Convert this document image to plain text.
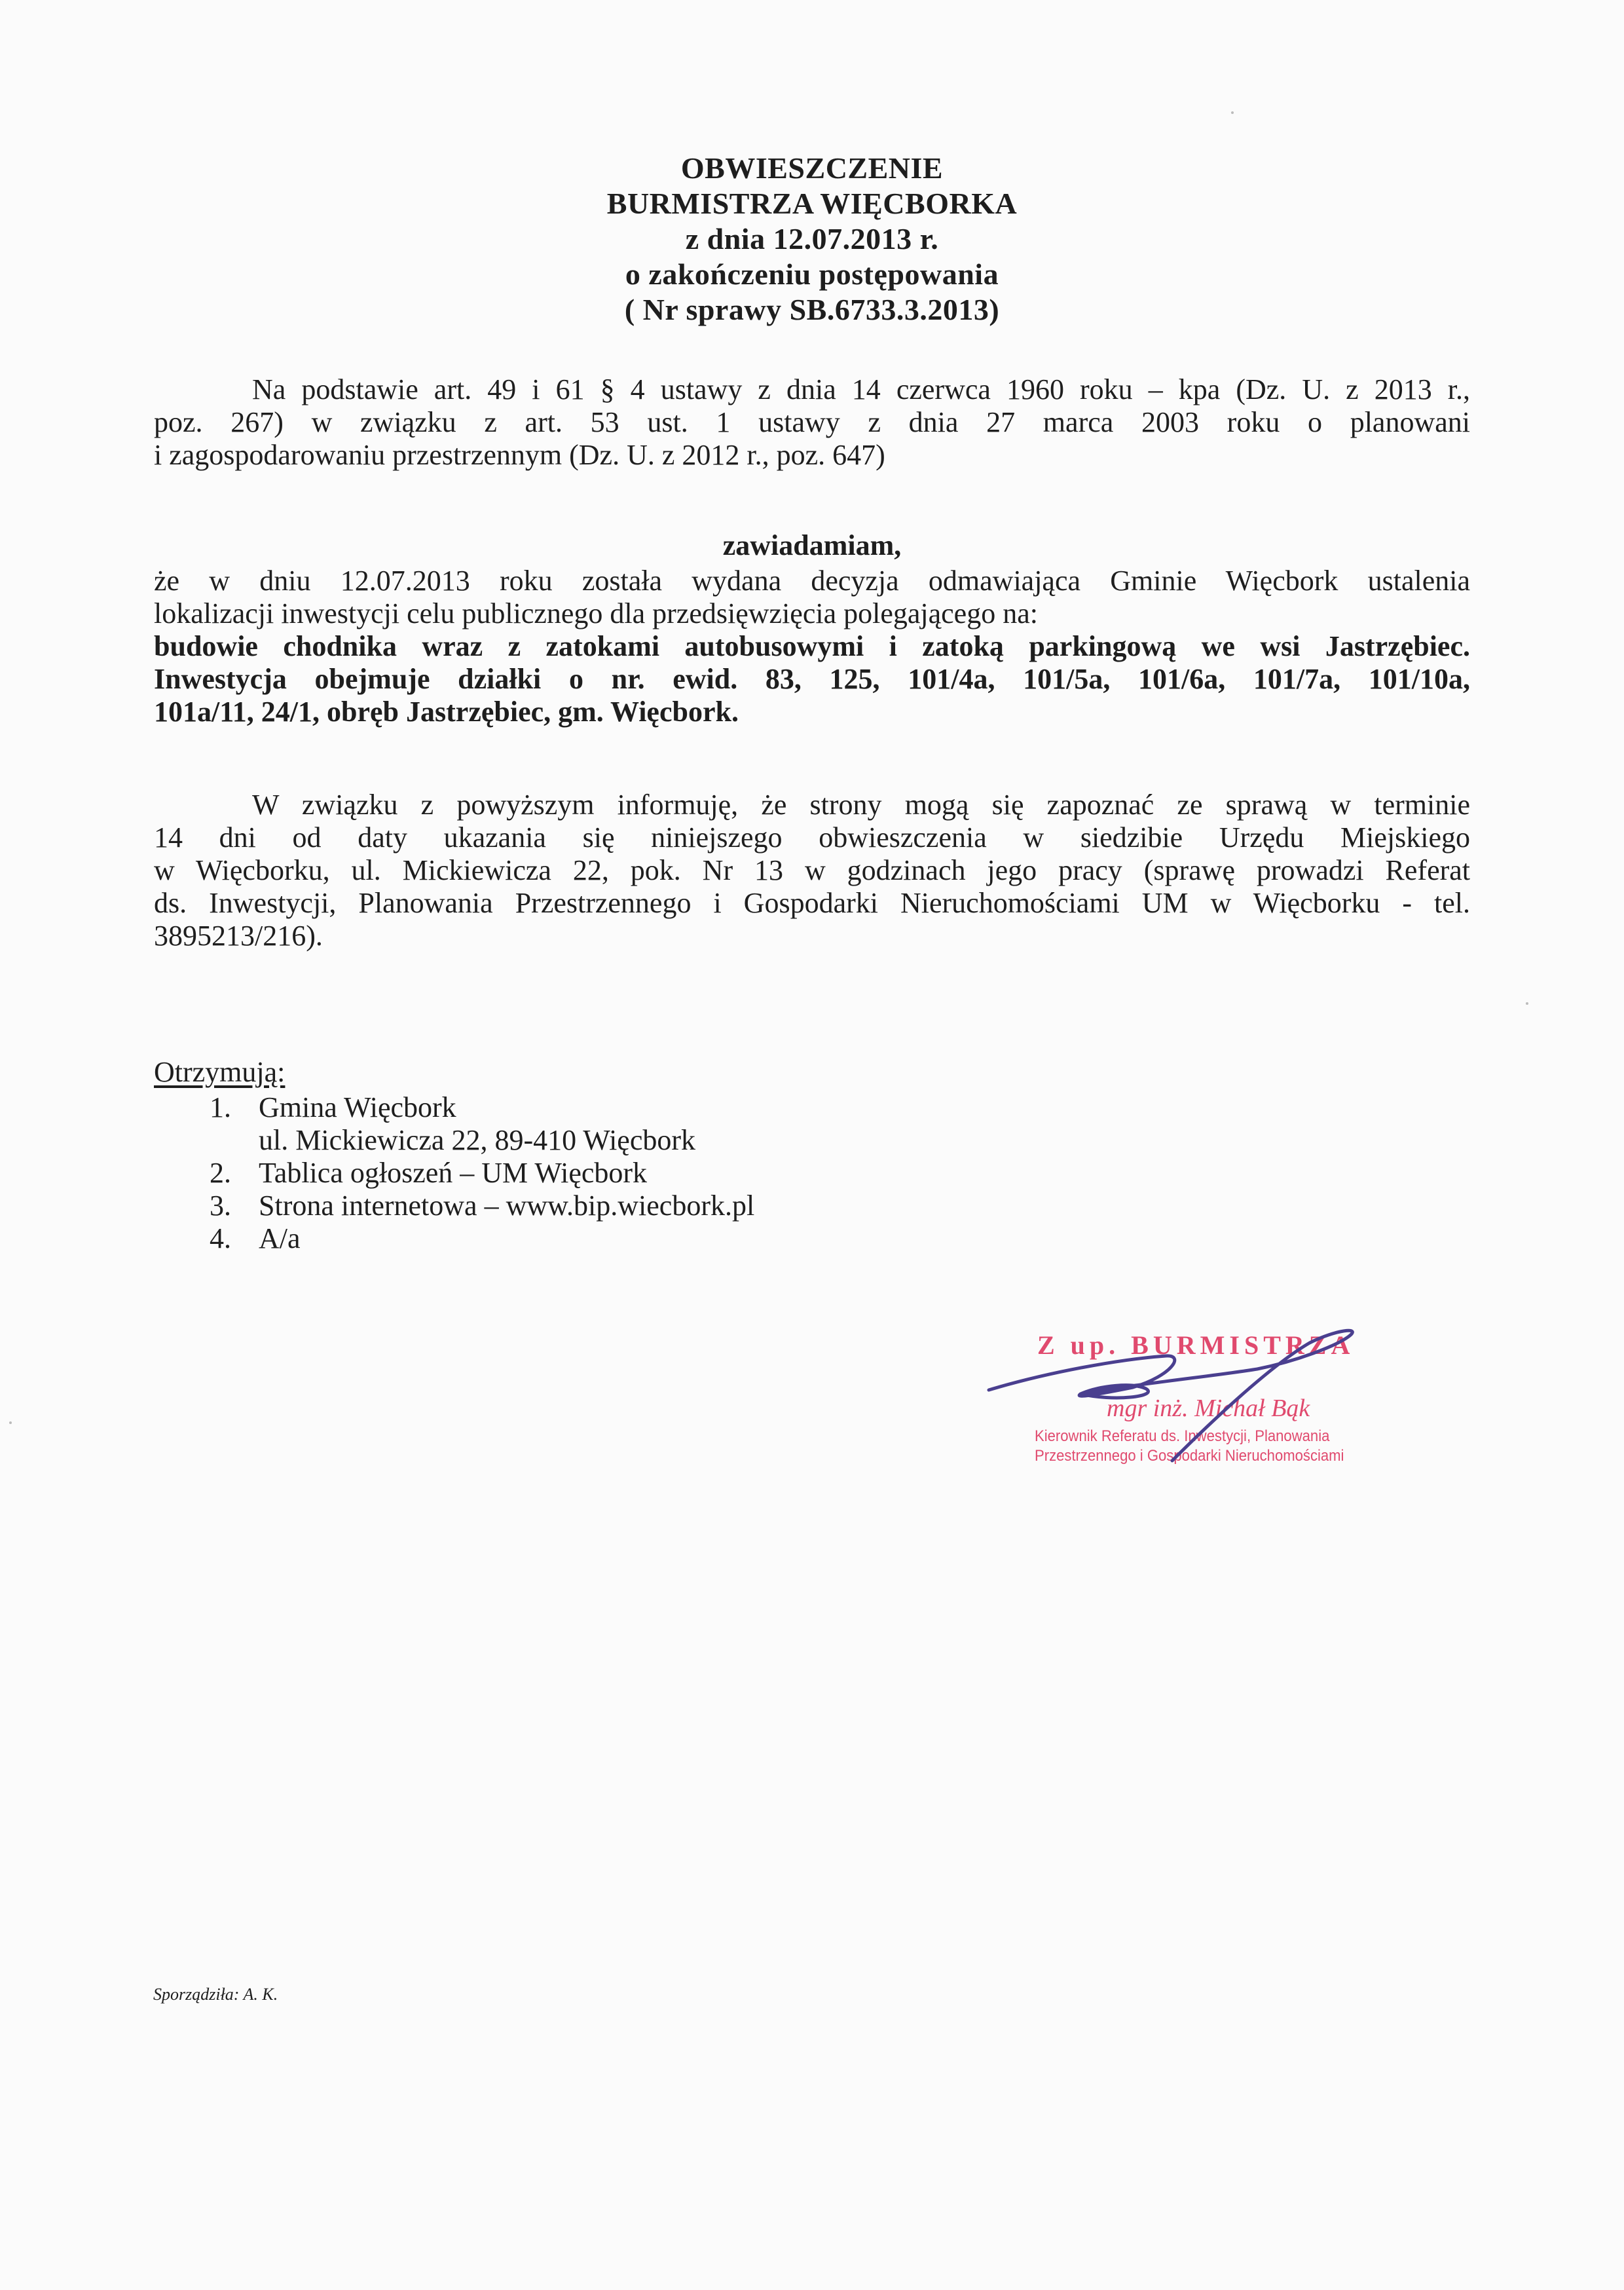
OBWIESZCZENIE
BURMISTRZA WIĘCBORKA
z dnia 12.07.2013 r.
o zakończeniu postępowania
( Nr sprawy SB.6733.3.2013)
Na podstawie art. 49 i 61 § 4 ustawy z dnia 14 czerwca 1960 roku – kpa (Dz. U. z 2013 r.,
poz. 267) w związku z art. 53 ust. 1 ustawy z dnia 27 marca 2003 roku o planowani
i zagospodarowaniu przestrzennym (Dz. U. z 2012 r., poz. 647)
zawiadamiam,
że w dniu 12.07.2013 roku została wydana decyzja odmawiająca Gminie Więcbork ustalenia
lokalizacji inwestycji celu publicznego dla przedsięwzięcia polegającego na:
budowie chodnika wraz z zatokami autobusowymi i zatoką parkingową we wsi Jastrzębiec.
Inwestycja obejmuje działki o nr. ewid. 83, 125, 101/4a, 101/5a, 101/6a, 101/7a, 101/10a,
101a/11, 24/1, obręb Jastrzębiec, gm. Więcbork.
W związku z powyższym informuję, że strony mogą się zapoznać ze sprawą w terminie
14 dni od daty ukazania się niniejszego obwieszczenia w siedzibie Urzędu Miejskiego
w Więcborku, ul. Mickiewicza 22, pok. Nr 13 w godzinach jego pracy (sprawę prowadzi Referat
ds. Inwestycji, Planowania Przestrzennego i Gospodarki Nieruchomościami UM w Więcborku - tel.
3895213/216).
Otrzymują:
1. Gmina Więcbork
ul. Mickiewicza 22, 89-410 Więcbork
2. Tablica ogłoszeń – UM Więcbork
3. Strona internetowa – www.bip.wiecbork.pl
4. A/a
Z up. BURMISTRZA
mgr inż. Michał Bąk
Kierownik Referatu ds. Inwestycji, Planowania
Przestrzennego i Gospodarki Nieruchomościami
Sporządziła: A. K.
